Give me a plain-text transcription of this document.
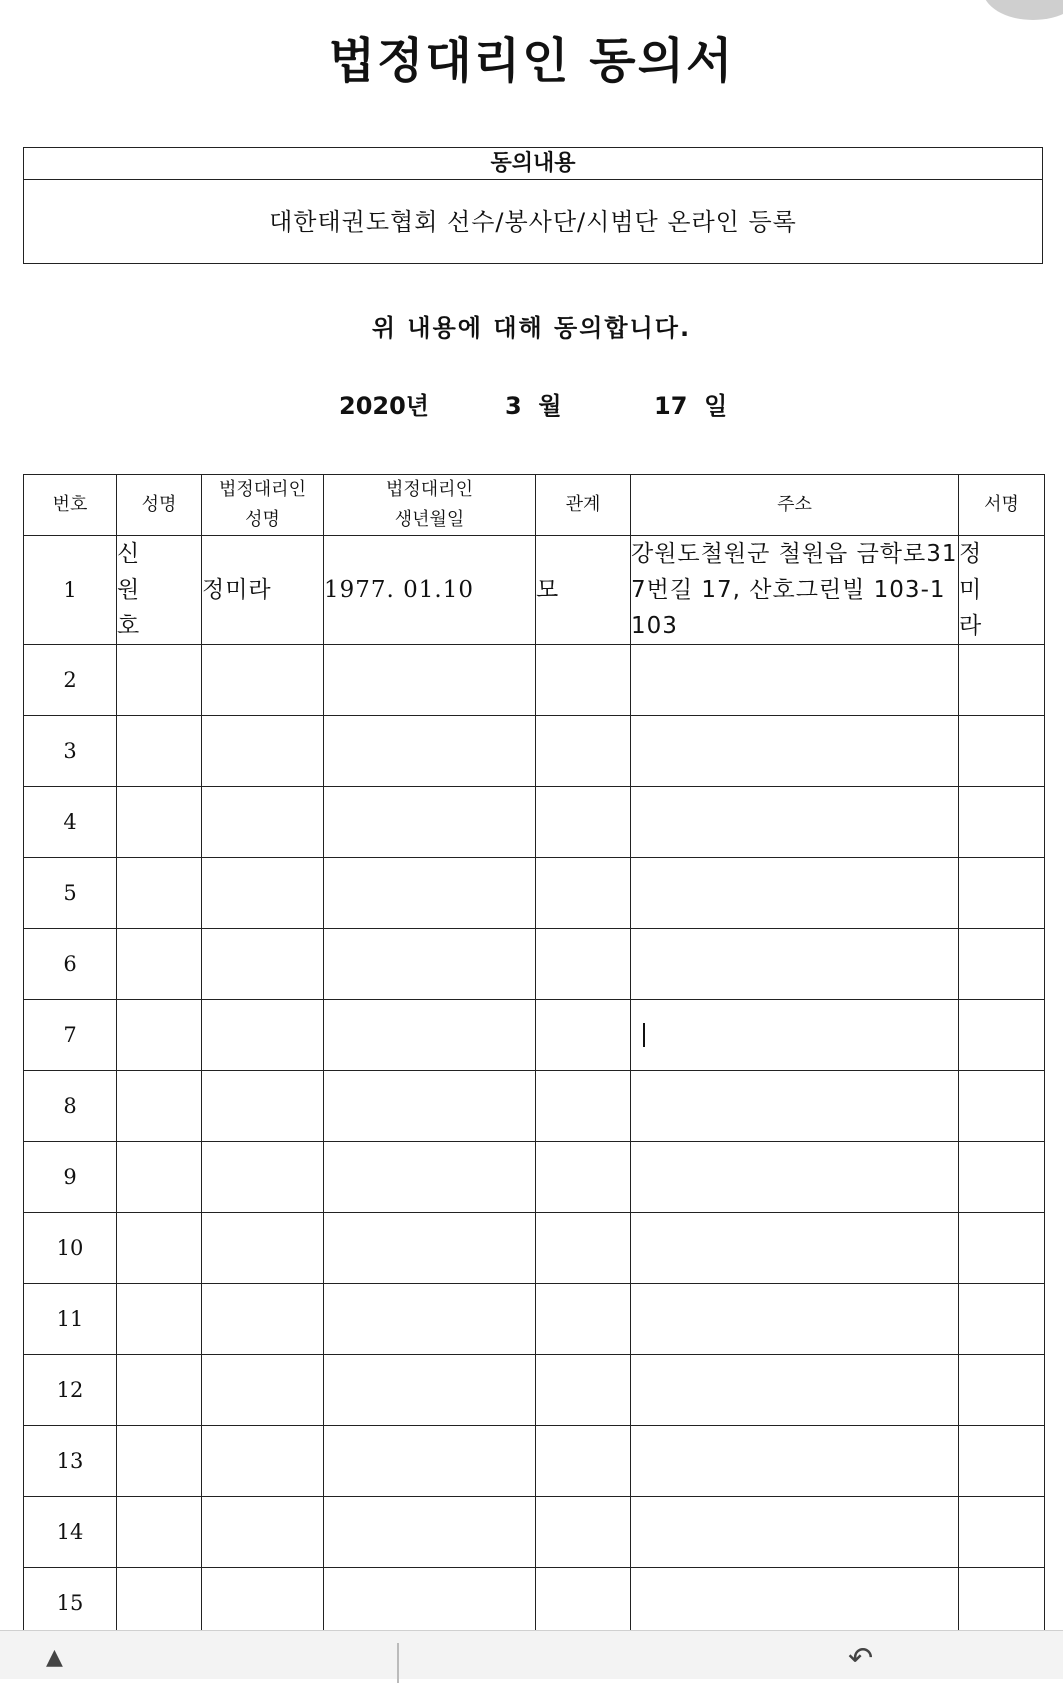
법정대리인 동의서
동의내용
대한태권도협회 선수/봉사단/시범단 온라인 등록
위 내용에 대해 동의합니다.
2020년	3  월	17  일
번호	성명	법정대리인 성명	법정대리인 생년월일	관계	주소	서명
1	신 원 호	정미라	1977. 01.10	모	강원도철원군 철원읍 금학로317번길 17, 산호그린빌 103-1103	정 미 라
2						
3						
4						
5						
6						
7						
8						
9						
10						
11						
12						
13						
14						
15						
▲	↶
